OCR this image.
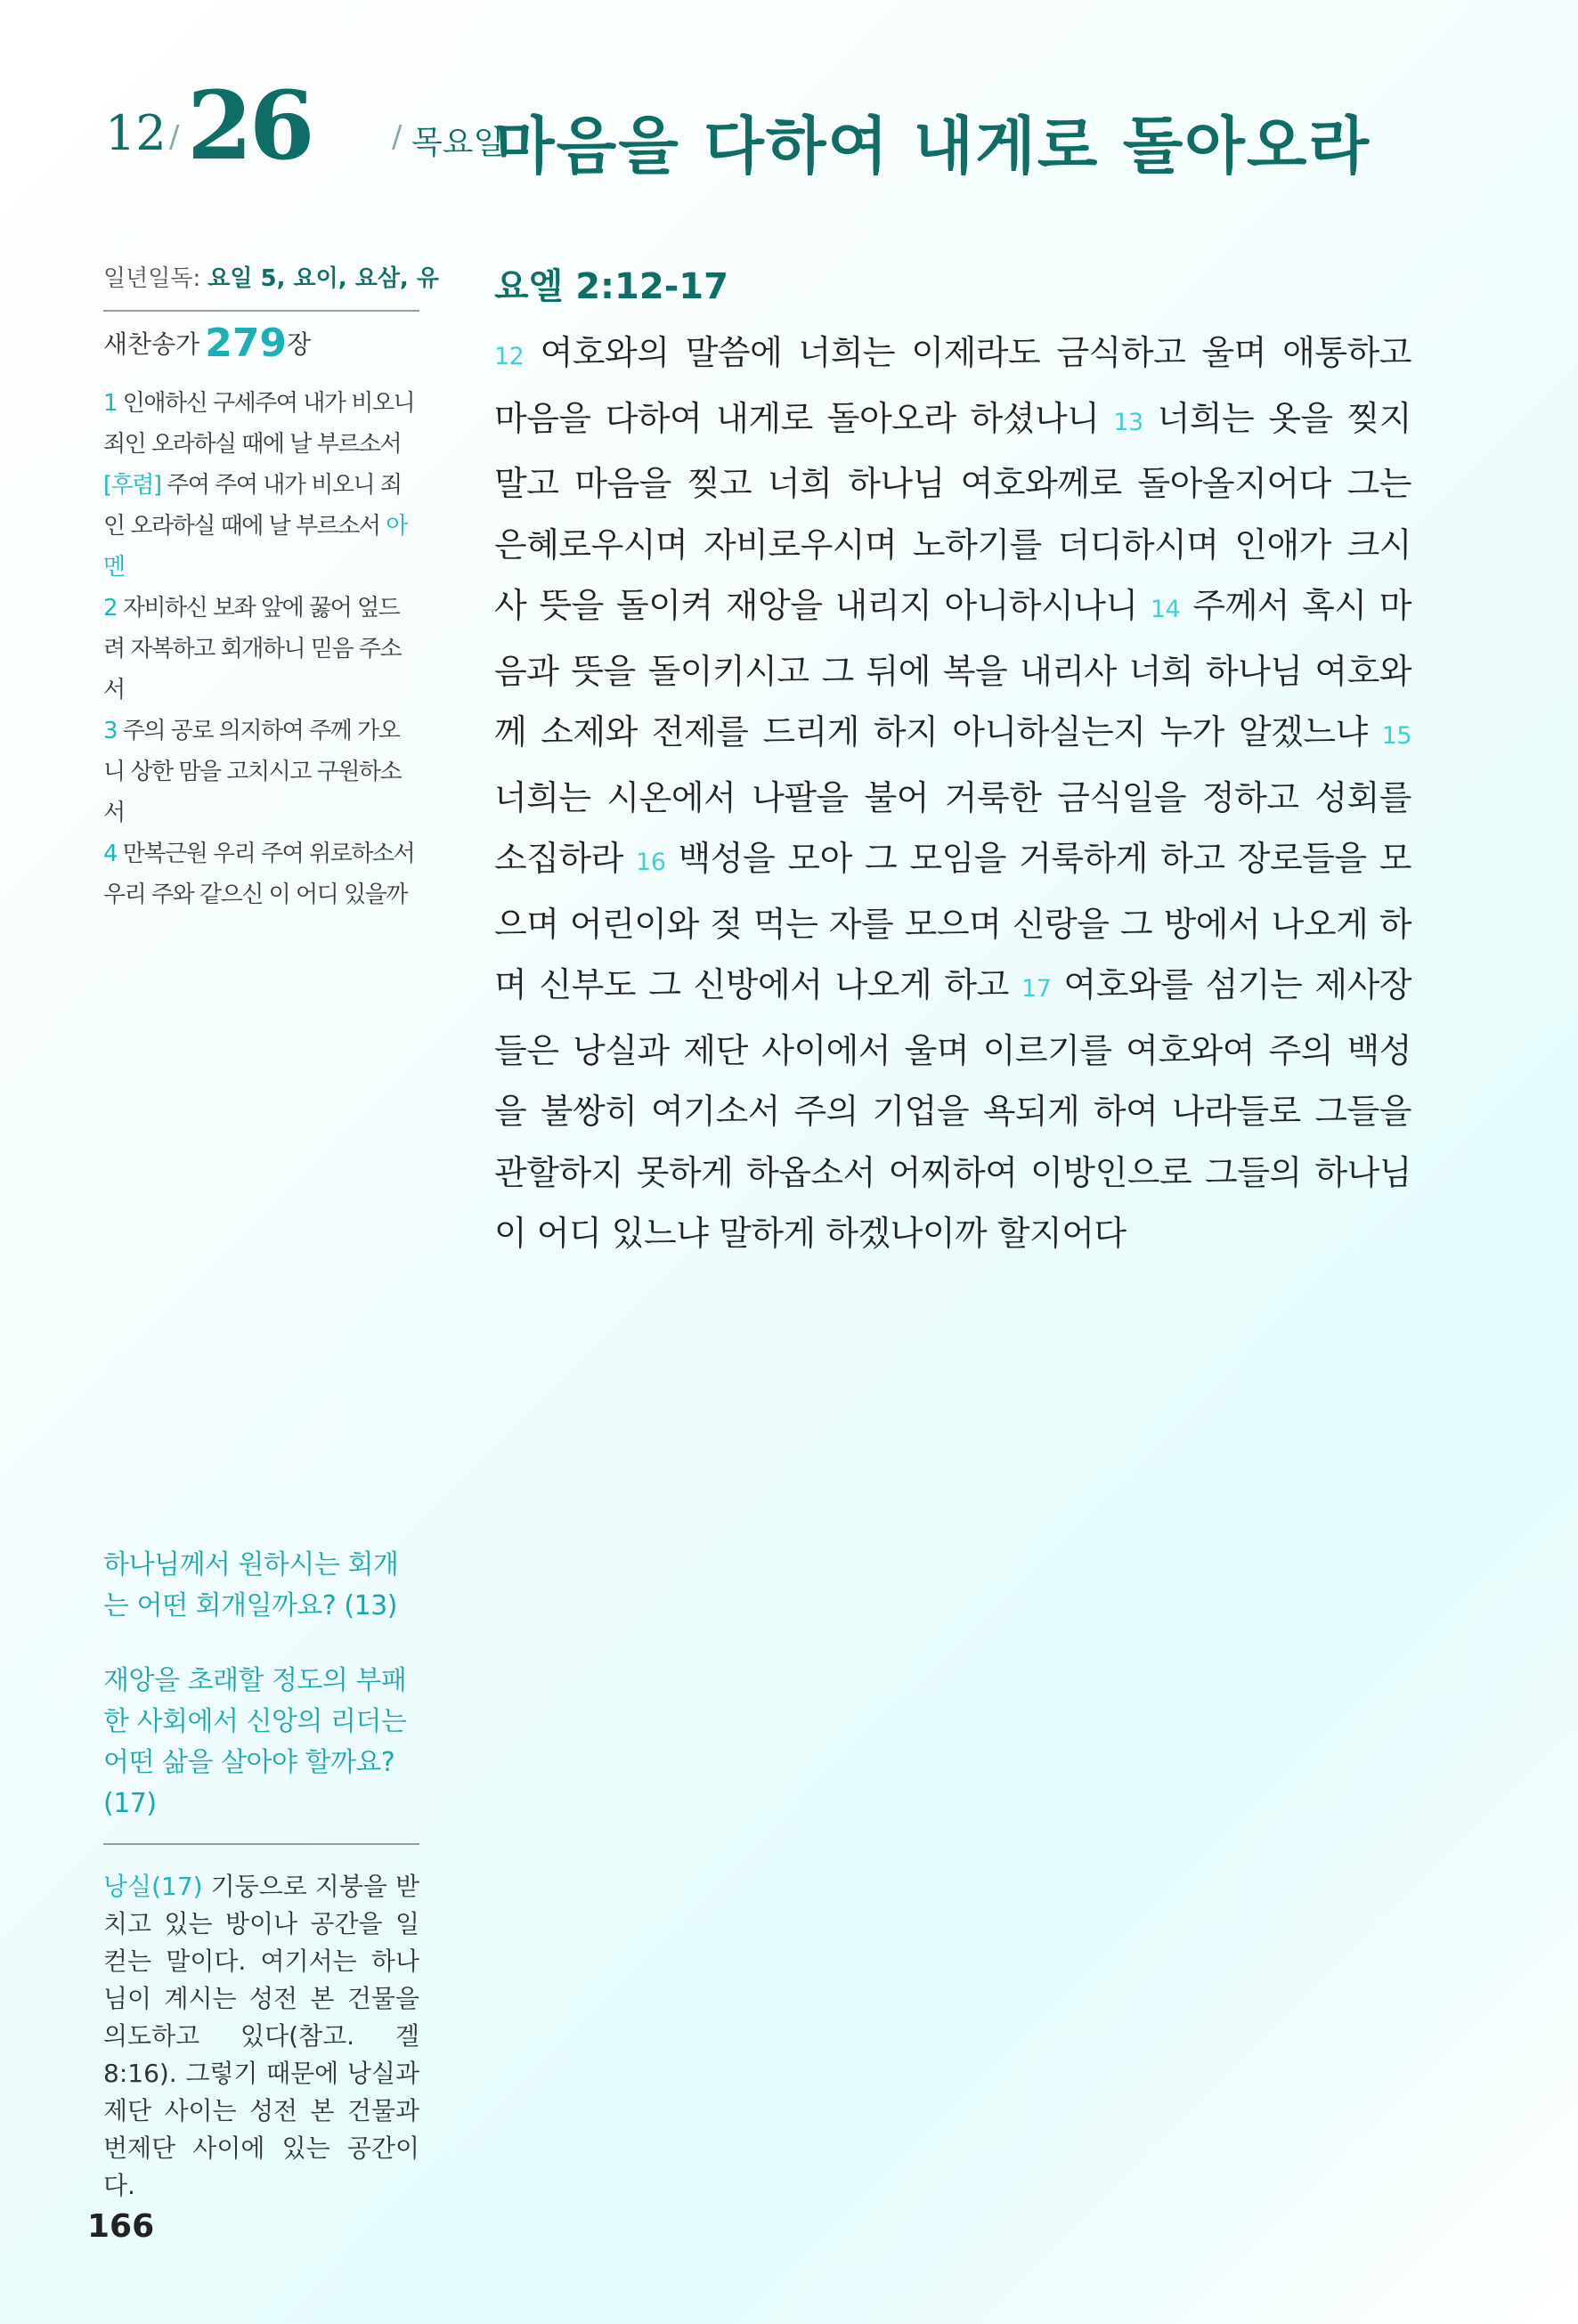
12 / 26	/ 목요일
마음을 다하여 내게로 돌아오라
일년일독: 요일 5, 요이, 요삼, 유
새찬송가 279장
1 인애하신 구세주여 내가 비오니 죄인 오라하실 때에 날 부르소서
[후렴] 주여 주여 내가 비오니 죄인 오라하실 때에 날 부르소서 아멘
2 자비하신 보좌 앞에 꿇어 엎드려 자복하고 회개하니 믿음 주소서
3 주의 공로 의지하여 주께 가오니 상한 맘을 고치시고 구원하소서
4 만복근원 우리 주여 위로하소서 우리 주와 같으신 이 어디 있을까

하나님께서 원하시는 회개는 어떤 회개일까요? (13)

재앙을 초래할 정도의 부패한 사회에서 신앙의 리더는 어떤 삶을 살아야 할까요? (17)

낭실(17) 기둥으로 지붕을 받치고 있는 방이나 공간을 일컫는 말이다. 여기서는 하나님이 계시는 성전 본 건물을 의도하고 있다(참고. 겔 8:16). 그렇기 때문에 낭실과 제단 사이는 성전 본 건물과 번제단 사이에 있는 공간이다.
166
요엘 2:12-17
12 여호와의 말씀에 너희는 이제라도 금식하고 울며 애통하고 마음을 다하여 내게로 돌아오라 하셨나니 13 너희는 옷을 찢지 말고 마음을 찢고 너희 하나님 여호와께로 돌아올지어다 그는 은혜로우시며 자비로우시며 노하기를 더디하시며 인애가 크시사 뜻을 돌이켜 재앙을 내리지 아니하시나니 14 주께서 혹시 마음과 뜻을 돌이키시고 그 뒤에 복을 내리사 너희 하나님 여호와께 소제와 전제를 드리게 하지 아니하실는지 누가 알겠느냐 15 너희는 시온에서 나팔을 불어 거룩한 금식일을 정하고 성회를 소집하라 16 백성을 모아 그 모임을 거룩하게 하고 장로들을 모으며 어린이와 젖 먹는 자를 모으며 신랑을 그 방에서 나오게 하며 신부도 그 신방에서 나오게 하고 17 여호와를 섬기는 제사장들은 낭실과 제단 사이에서 울며 이르기를 여호와여 주의 백성을 불쌍히 여기소서 주의 기업을 욕되게 하여 나라들로 그들을 관할하지 못하게 하옵소서 어찌하여 이방인으로 그들의 하나님이 어디 있느냐 말하게 하겠나이까 할지어다
